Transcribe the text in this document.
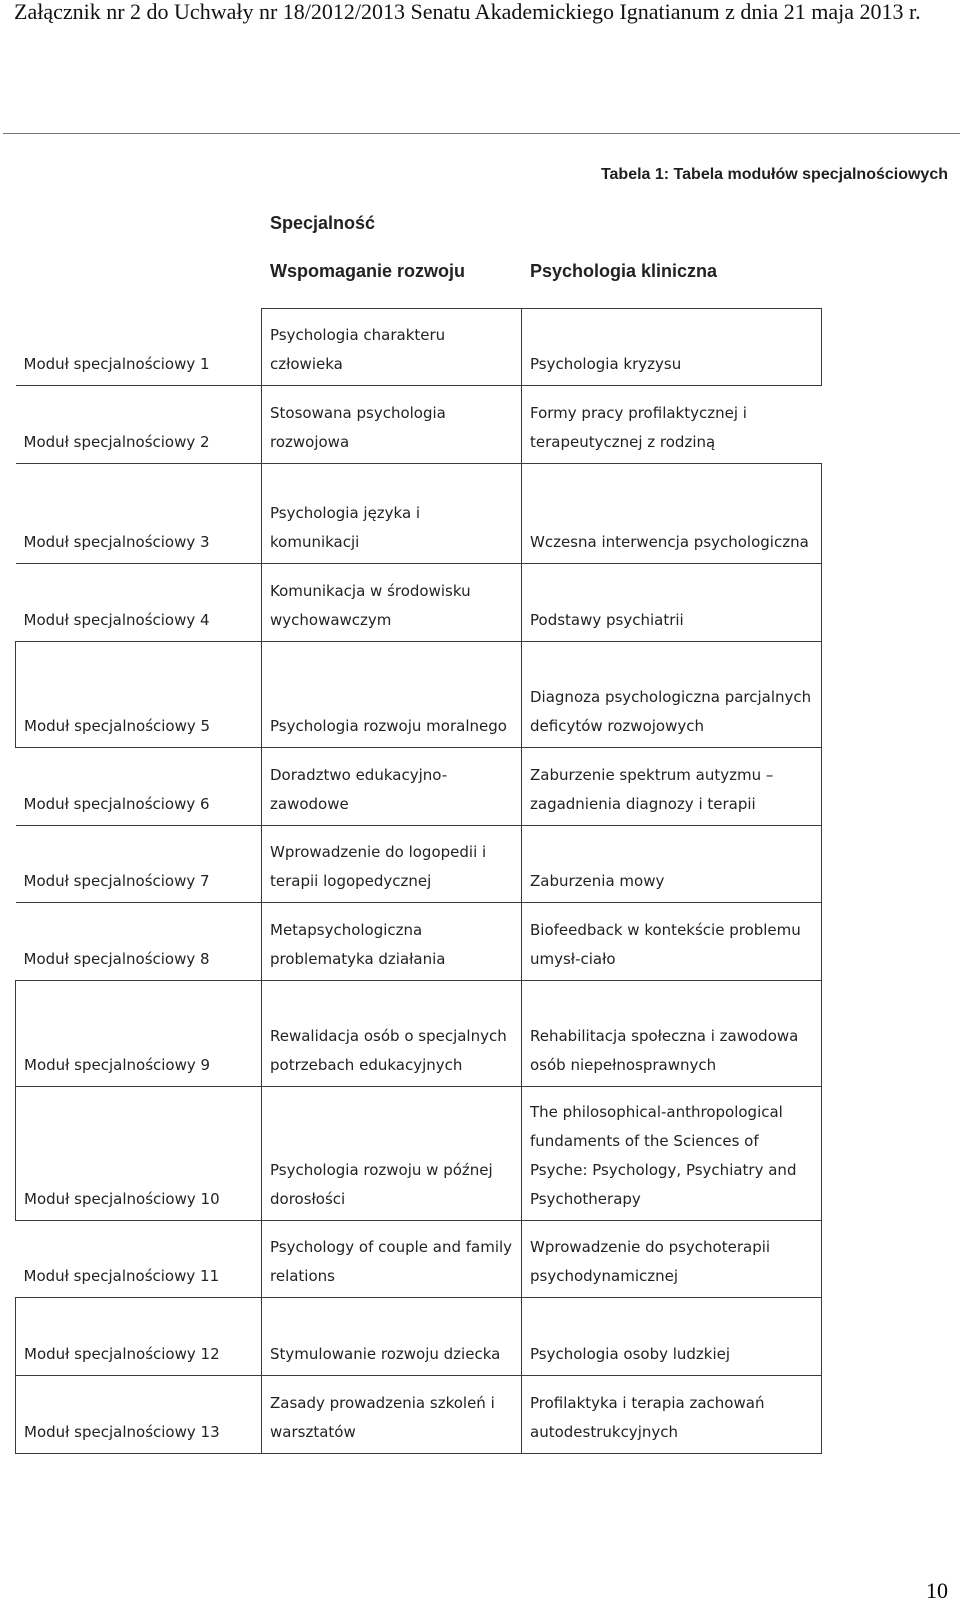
Załącznik nr 2 do Uchwały nr 18/2012/2013 Senatu Akademickiego Ignatianum z dnia 21 maja 2013 r.
Tabela 1: Tabela modułów specjalnościowych
Specjalność
Wspomaganie rozwoju	Psychologia kliniczna
Moduł specjalnościowy 1	Psychologia charakteru człowieka	Psychologia kryzysu
Moduł specjalnościowy 2	Stosowana psychologia rozwojowa	Formy pracy profilaktycznej i terapeutycznej z rodziną
Moduł specjalnościowy 3	Psychologia języka i komunikacji	Wczesna interwencja psychologiczna
Moduł specjalnościowy 4	Komunikacja w środowisku wychowawczym	Podstawy psychiatrii
Moduł specjalnościowy 5	Psychologia rozwoju moralnego	Diagnoza psychologiczna parcjalnych deficytów rozwojowych
Moduł specjalnościowy 6	Doradztwo edukacyjno-zawodowe	Zaburzenie spektrum autyzmu – zagadnienia diagnozy i terapii
Moduł specjalnościowy 7	Wprowadzenie do logopedii i terapii logopedycznej	Zaburzenia mowy
Moduł specjalnościowy 8	Metapsychologiczna problematyka działania	Biofeedback w kontekście problemu umysł-ciało
Moduł specjalnościowy 9	Rewalidacja osób o specjalnych potrzebach edukacyjnych	Rehabilitacja społeczna i zawodowa osób niepełnosprawnych
Moduł specjalnościowy 10	Psychologia rozwoju w późnej dorosłości	The philosophical-anthropological fundaments of the Sciences of Psyche: Psychology, Psychiatry and Psychotherapy
Moduł specjalnościowy 11	Psychology of couple and family relations	Wprowadzenie do psychoterapii psychodynamicznej
Moduł specjalnościowy 12	Stymulowanie rozwoju dziecka	Psychologia osoby ludzkiej
Moduł specjalnościowy 13	Zasady prowadzenia szkoleń i warsztatów	Profilaktyka i terapia zachowań autodestrukcyjnych
10
